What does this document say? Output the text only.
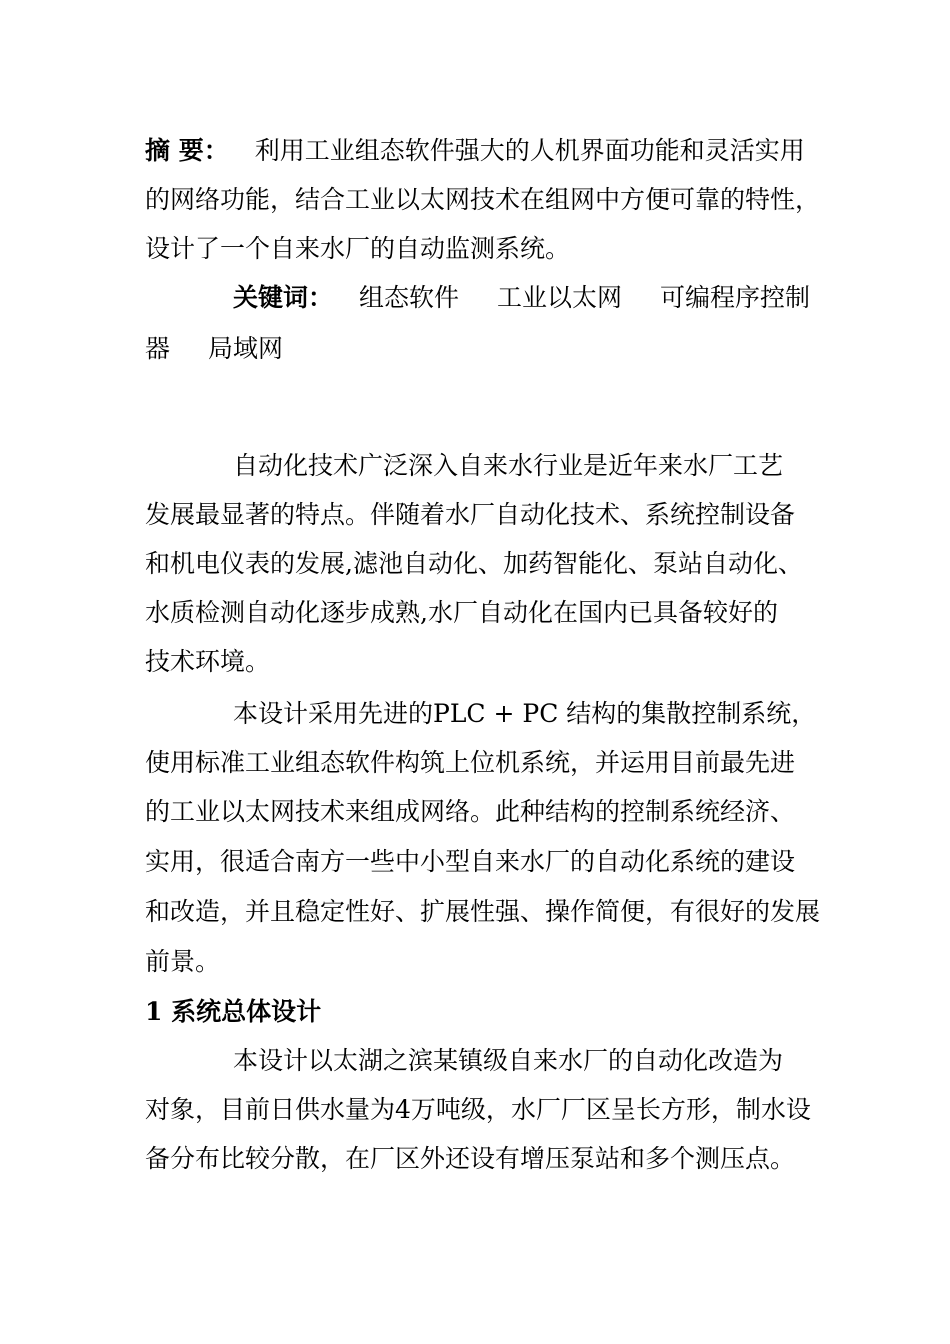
摘 要： 利用工业组态软件强大的人机界面功能和灵活实用
的网络功能，结合工业以太网技术在组网中方便可靠的特性，
设计了一个自来水厂的自动监测系统。
关键词： 组态软件 工业以太网 可编程序控制
器 局域网
自动化技术广泛深入自来水行业是近年来水厂工艺
发展最显著的特点。伴随着水厂自动化技术、系统控制设备
和机电仪表的发展,滤池自动化、加药智能化、泵站自动化、
水质检测自动化逐步成熟,水厂自动化在国内已具备较好的
技术环境。
本设计采用先进的PLC + PC 结构的集散控制系统，
使用标准工业组态软件构筑上位机系统，并运用目前最先进
的工业以太网技术来组成网络。此种结构的控制系统经济、
实用，很适合南方一些中小型自来水厂的自动化系统的建设
和改造，并且稳定性好、扩展性强、操作简便，有很好的发展
前景。
1 系统总体设计
本设计以太湖之滨某镇级自来水厂的自动化改造为
对象，目前日供水量为4万吨级，水厂厂区呈长方形，制水设
备分布比较分散，在厂区外还设有增压泵站和多个测压点。
